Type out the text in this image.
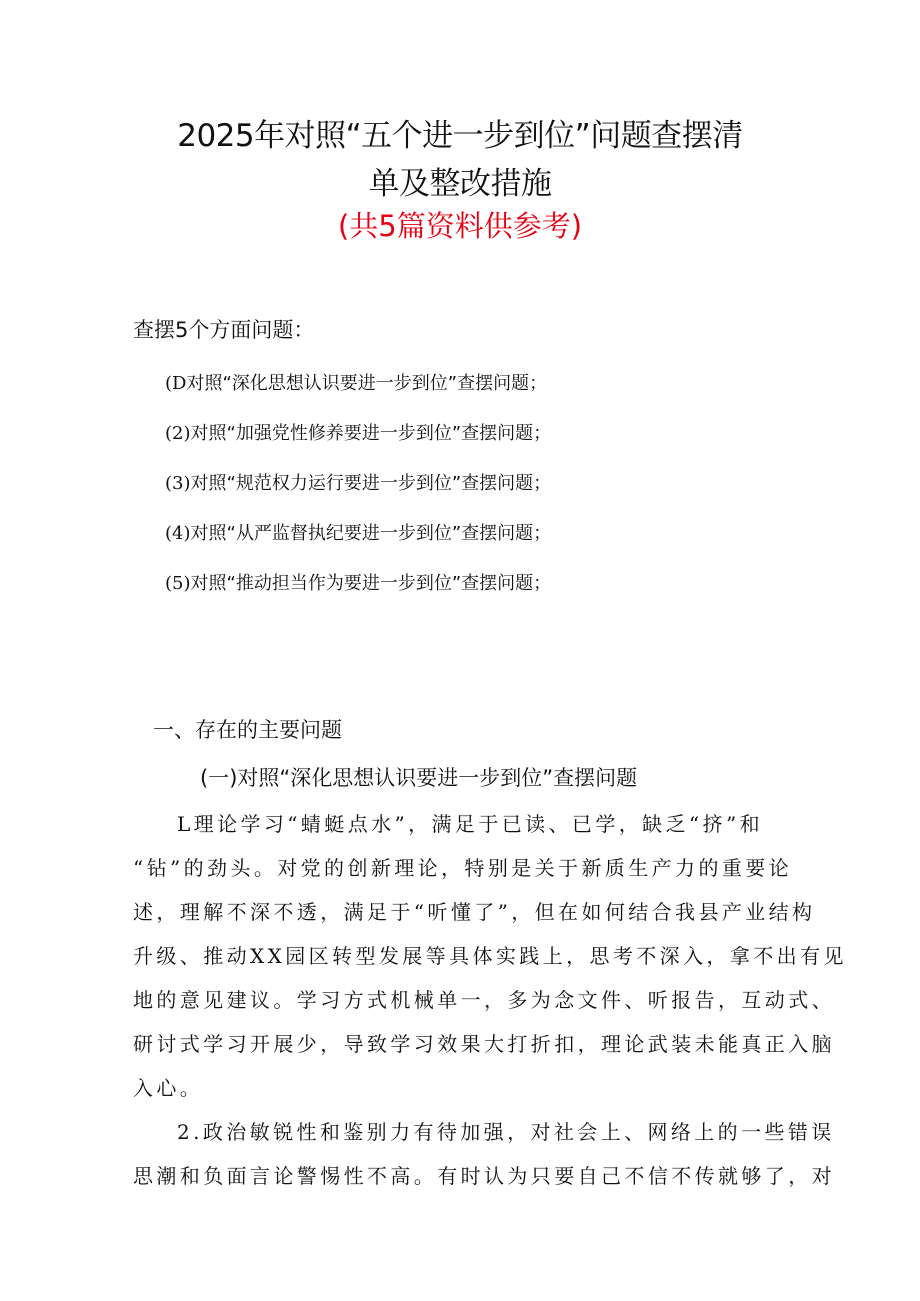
2025年对照“五个进一步到位”问题查摆清
单及整改措施
(共5篇资料供参考)
查摆5个方面问题：
(D对照“深化思想认识要进一步到位”查摆问题；
(2)对照“加强党性修养要进一步到位”查摆问题；
(3)对照“规范权力运行要进一步到位”查摆问题；
(4)对照“从严监督执纪要进一步到位”查摆问题；
(5)对照“推动担当作为要进一步到位”查摆问题；
一、存在的主要问题
(一)对照“深化思想认识要进一步到位”查摆问题
L理论学习“蜻蜓点水”，满足于已读、已学，缺乏“挤”和
“钻”的劲头。对党的创新理论，特别是关于新质生产力的重要论
述，理解不深不透，满足于“听懂了”，但在如何结合我县产业结构
升级、推动XX园区转型发展等具体实践上，思考不深入，拿不出有见
地的意见建议。学习方式机械单一，多为念文件、听报告，互动式、
研讨式学习开展少，导致学习效果大打折扣，理论武装未能真正入脑
入心。
2.政治敏锐性和鉴别力有待加强，对社会上、网络上的一些错误
思潮和负面言论警惕性不高。有时认为只要自己不信不传就够了，对
